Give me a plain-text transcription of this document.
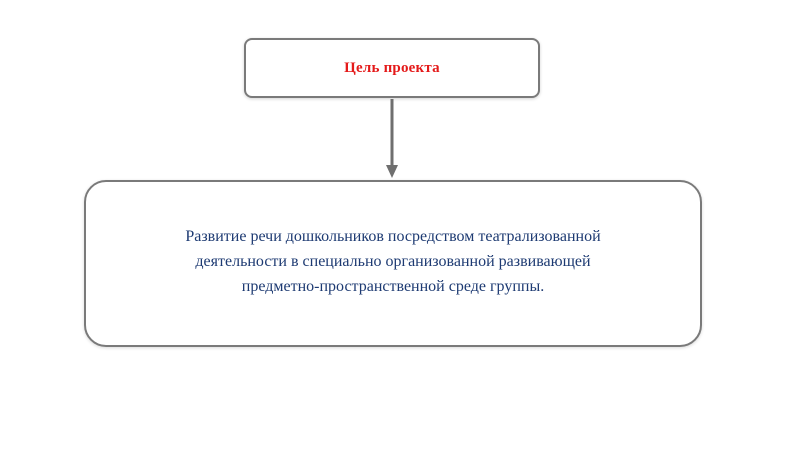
Цель проекта
Развитие речи дошкольников посредством театрализованной
деятельности в специально организованной развивающей
предметно-пространственной среде группы.
